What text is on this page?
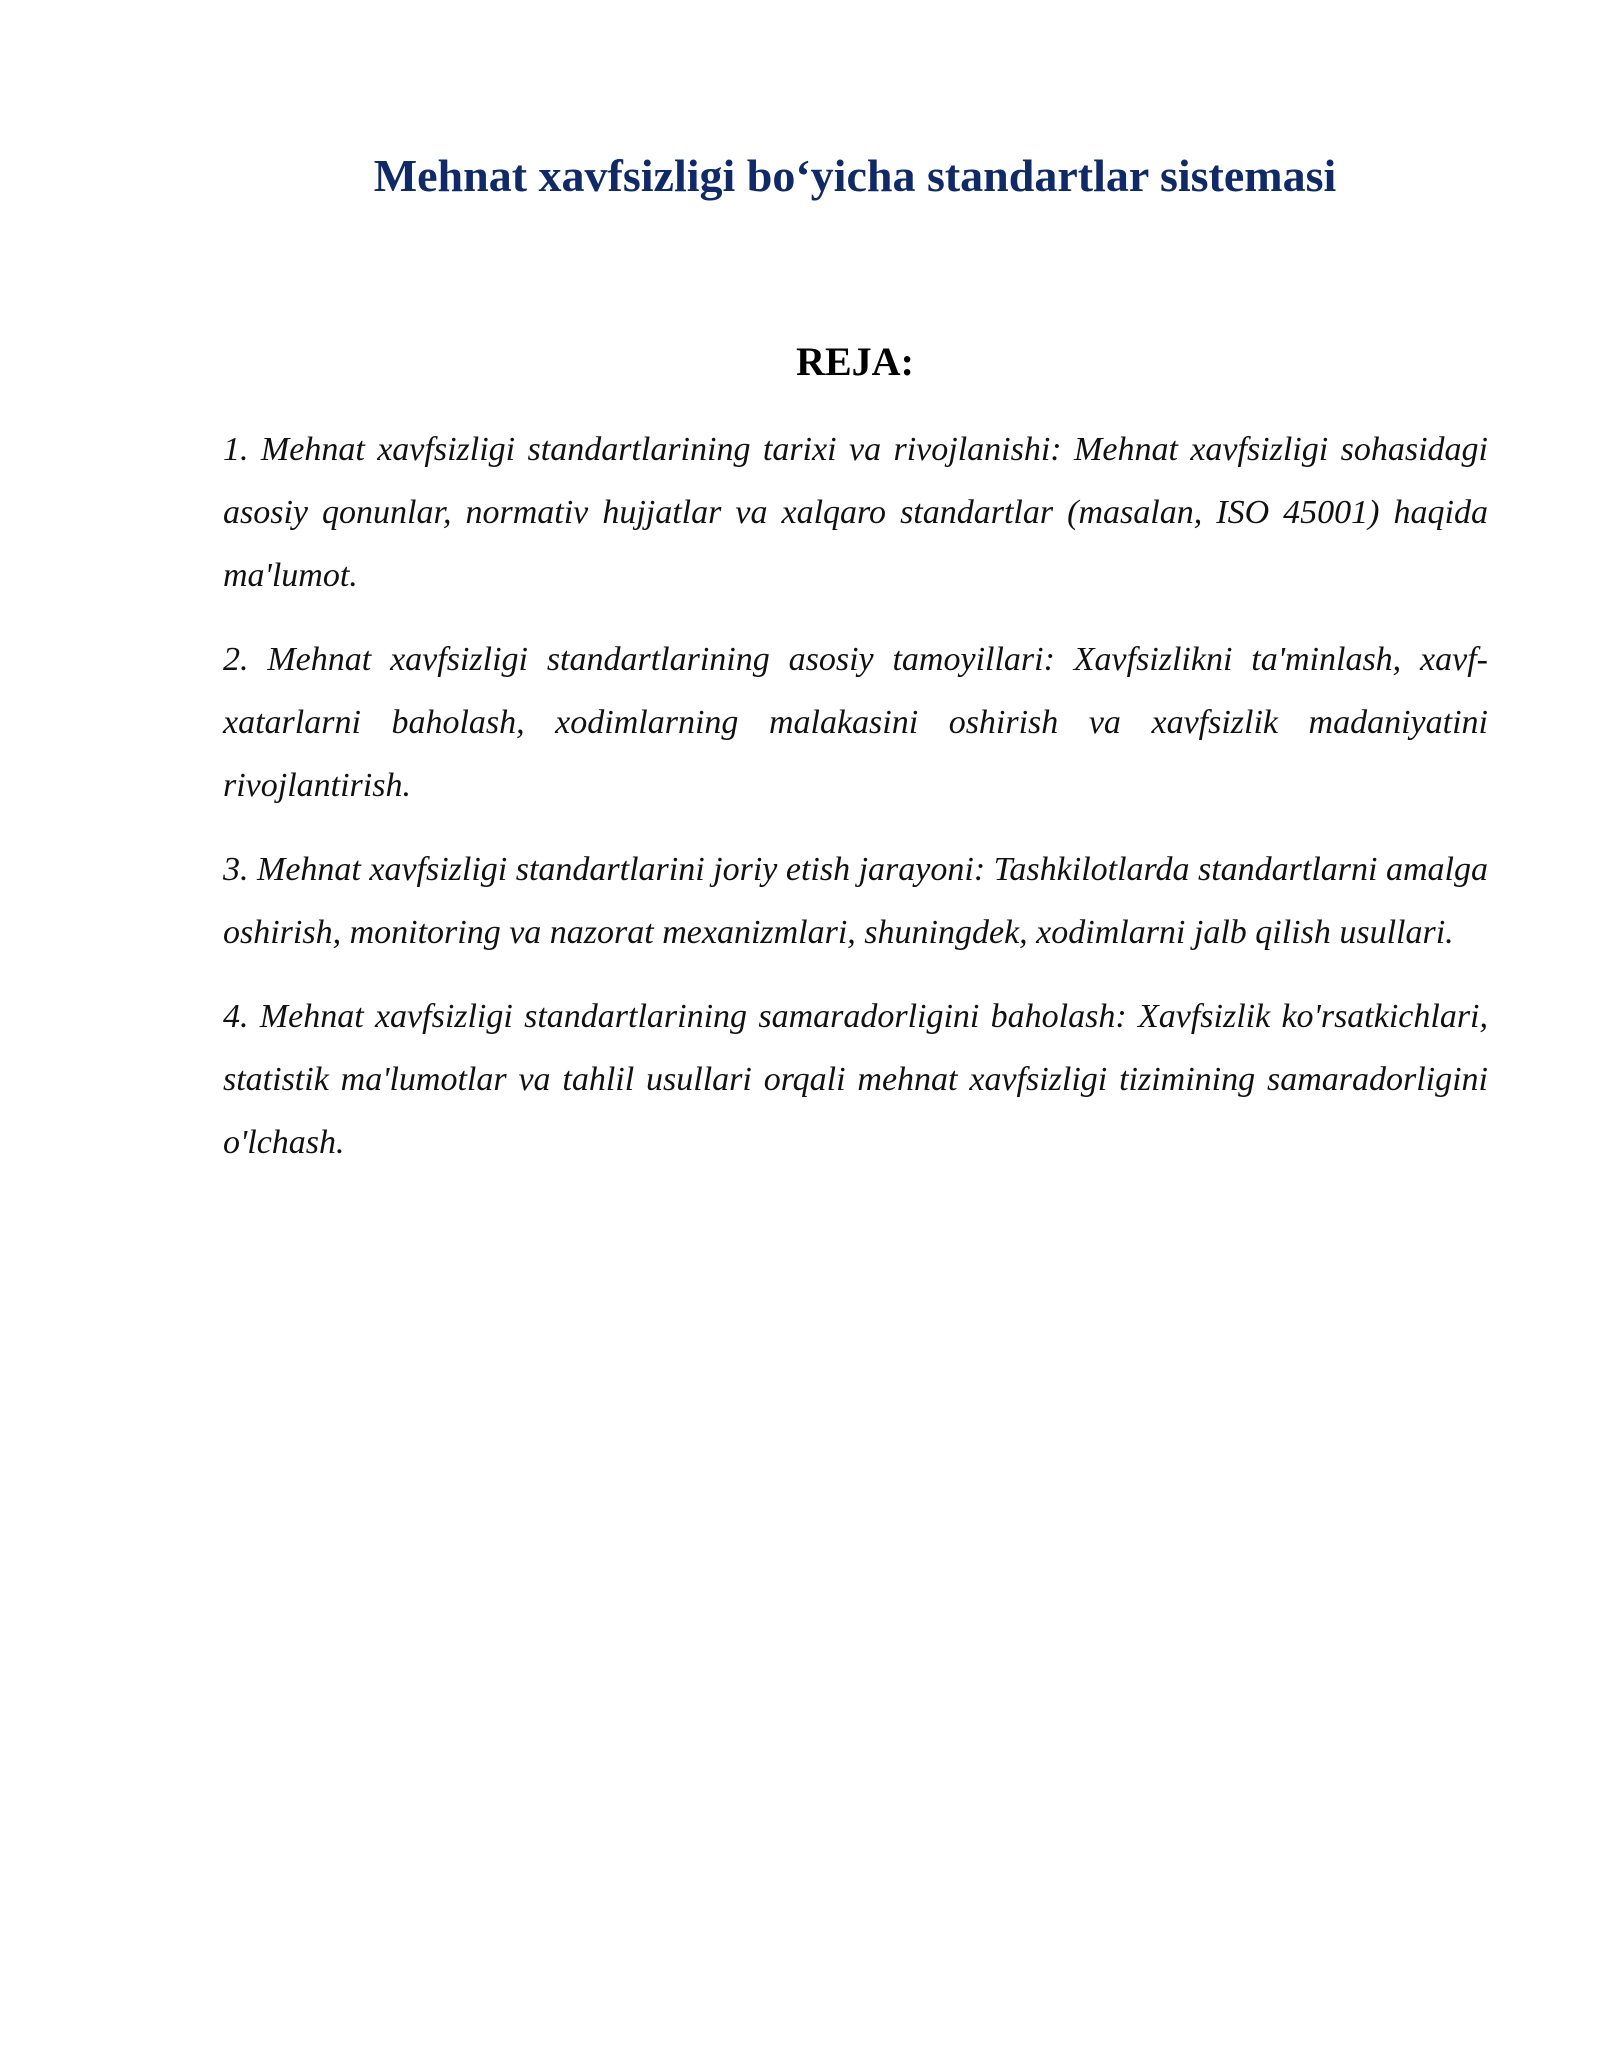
Mehnat xavfsizligi bo‘yicha standartlar sistemasi
REJA:
1. Mehnat xavfsizligi standartlarining tarixi va rivojlanishi: Mehnat xavfsizligi sohasidagi asosiy qonunlar, normativ hujjatlar va xalqaro standartlar (masalan, ISO 45001) haqida ma'lumot.
2. Mehnat xavfsizligi standartlarining asosiy tamoyillari: Xavfsizlikni ta'minlash, xavf-xatarlarni baholash, xodimlarning malakasini oshirish va xavfsizlik madaniyatini rivojlantirish.
3. Mehnat xavfsizligi standartlarini joriy etish jarayoni: Tashkilotlarda standartlarni amalga oshirish, monitoring va nazorat mexanizmlari, shuningdek, xodimlarni jalb qilish usullari.
4. Mehnat xavfsizligi standartlarining samaradorligini baholash: Xavfsizlik ko'rsatkichlari, statistik ma'lumotlar va tahlil usullari orqali mehnat xavfsizligi tizimining samaradorligini o'lchash.
